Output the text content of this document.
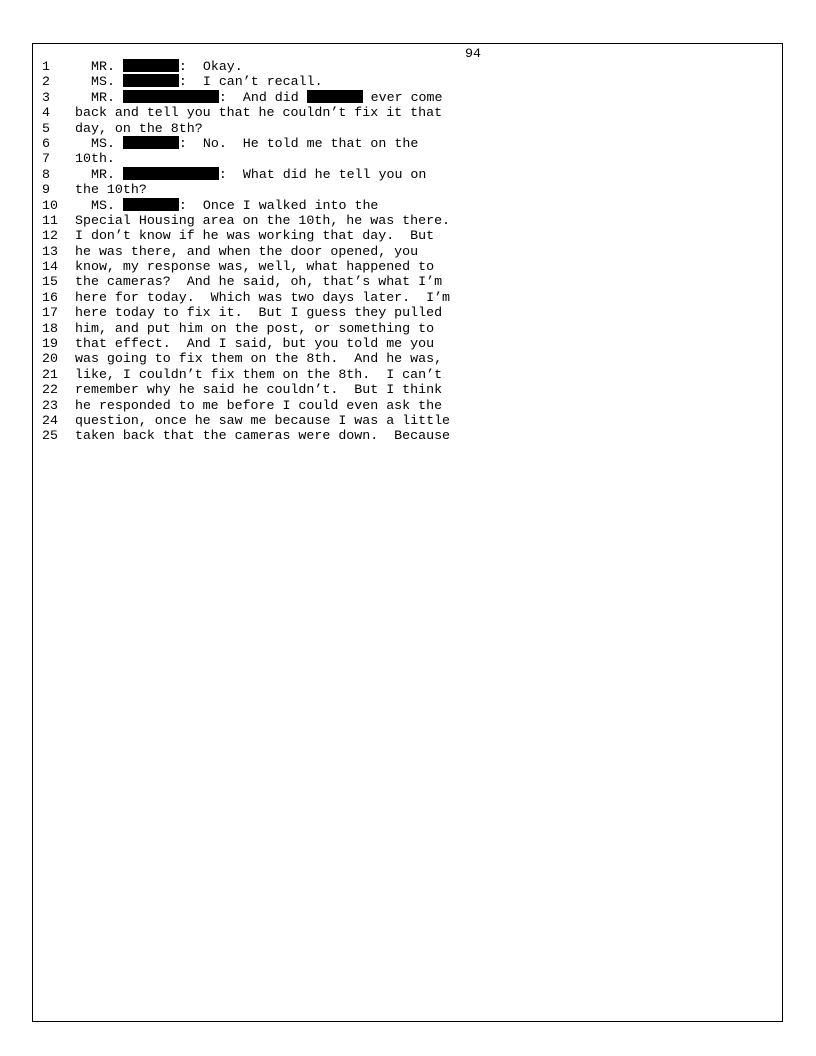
94

1

	MR.	:  Okay.

2

	MS.	:  I can’t recall.

3

	MR.	:  And did	ever come

4

back and tell you that he couldn’t fix it that

5

day, on the 8th?

6

	MS.	:  No.  He told me that on the

7

10th.

8

	MR.	:  What did he tell you on

9

the 10th?

10

	MS.	:  Once I walked into the

11

Special Housing area on the 10th, he was there.

12

I don’t know if he was working that day.  But

13

he was there, and when the door opened, you

14

know, my response was, well, what happened to

15

the cameras?  And he said, oh, that’s what I’m

16

here for today.  Which was two days later.  I’m

17

here today to fix it.  But I guess they pulled

18

him, and put him on the post, or something to

19

that effect.  And I said, but you told me you

20

was going to fix them on the 8th.  And he was,

21

like, I couldn’t fix them on the 8th.  I can’t

22

remember why he said he couldn’t.  But I think

23

he responded to me before I could even ask the

24

question, once he saw me because I was a little

25

taken back that the cameras were down.  Because
